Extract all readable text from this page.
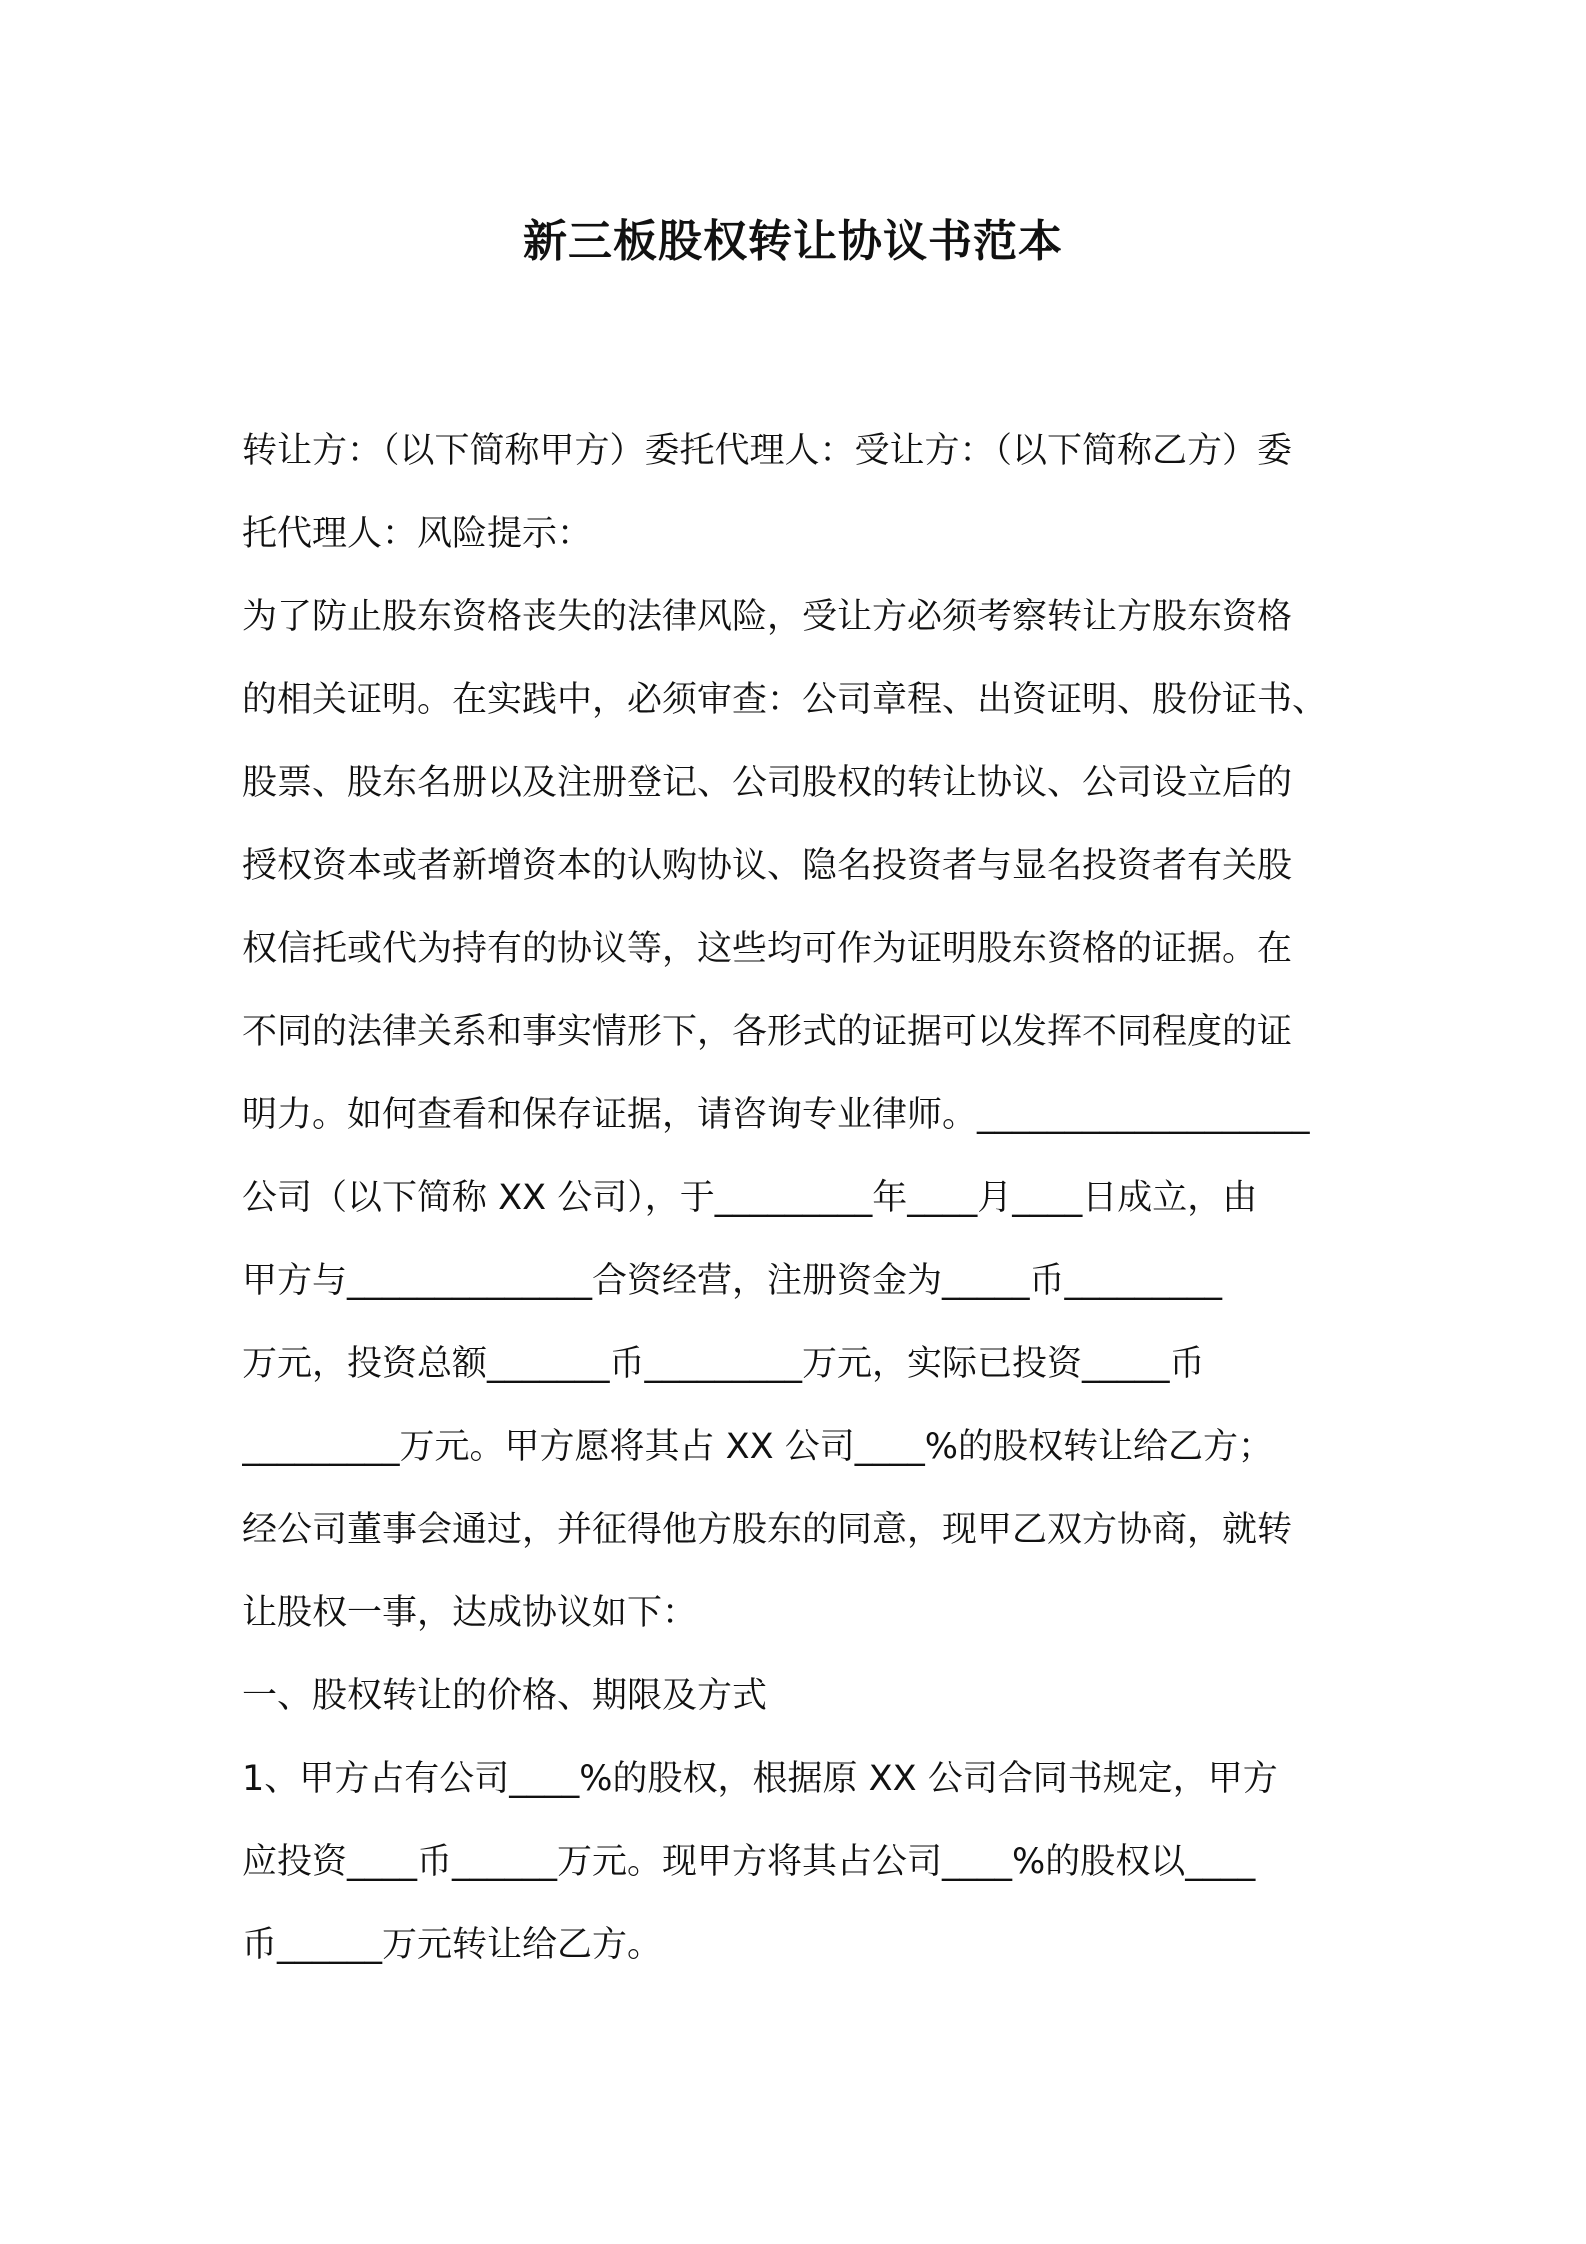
新三板股权转让协议书范本
转让方：（以下简称甲方）委托代理人：受让方：（以下简称乙方）委
托代理人：风险提示：
为了防止股东资格丧失的法律风险，受让方必须考察转让方股东资格
的相关证明。在实践中，必须审查：公司章程、出资证明、股份证书、
股票、股东名册以及注册登记、公司股权的转让协议、公司设立后的
授权资本或者新增资本的认购协议、隐名投资者与显名投资者有关股
权信托或代为持有的协议等，这些均可作为证明股东资格的证据。在
不同的法律关系和事实情形下，各形式的证据可以发挥不同程度的证
明力。如何查看和保存证据，请咨询专业律师。___________________
公司（以下简称 XX 公司），于_________年____月____日成立，由
甲方与______________合资经营，注册资金为_____币_________
万元，投资总额_______币_________万元，实际已投资_____币
_________万元。甲方愿将其占 XX 公司____%的股权转让给乙方；
经公司董事会通过，并征得他方股东的同意，现甲乙双方协商，就转
让股权一事，达成协议如下：
一、股权转让的价格、期限及方式
1、甲方占有公司____%的股权，根据原 XX 公司合同书规定，甲方
应投资____币______万元。现甲方将其占公司____%的股权以____
币______万元转让给乙方。
